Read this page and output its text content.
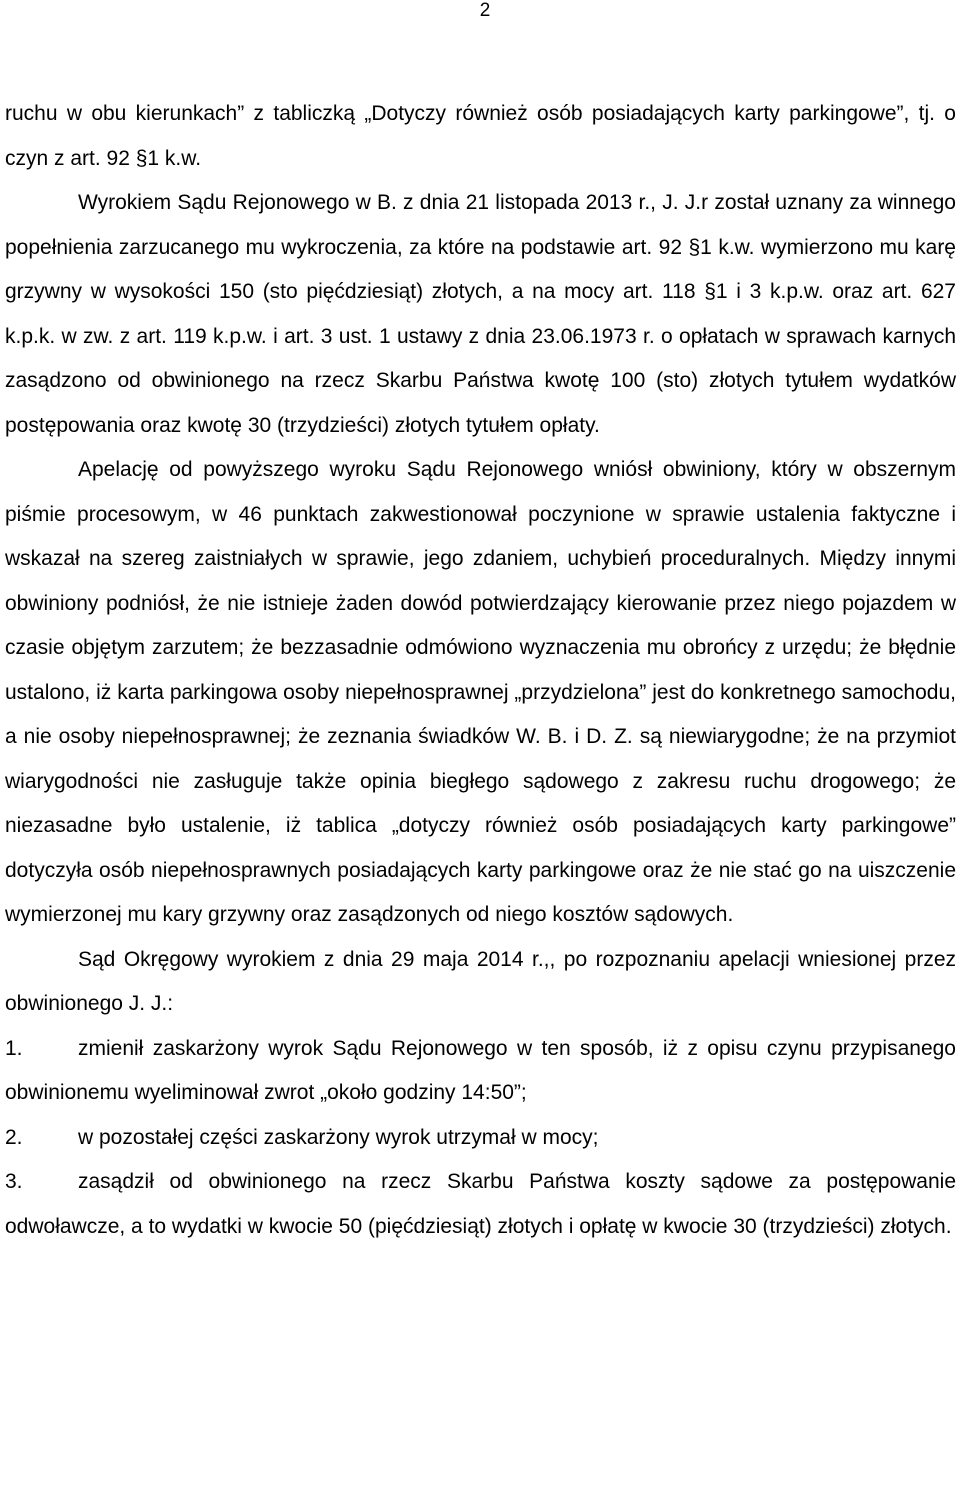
2

ruchu w obu kierunkach” z tabliczką „Dotyczy również osób posiadających karty parkingowe”, tj. o czyn z art. 92 §1 k.w.

Wyrokiem Sądu Rejonowego w B. z dnia 21 listopada 2013 r., J. J.r został uznany za winnego popełnienia zarzucanego mu wykroczenia, za które na podstawie art. 92 §1 k.w. wymierzono mu karę grzywny w wysokości 150 (sto pięćdziesiąt) złotych, a na mocy art. 118 §1 i 3 k.p.w. oraz art. 627 k.p.k. w zw. z art. 119 k.p.w. i art. 3 ust. 1 ustawy z dnia 23.06.1973 r. o opłatach w sprawach karnych zasądzono od obwinionego na rzecz Skarbu Państwa kwotę 100 (sto) złotych tytułem wydatków postępowania oraz kwotę 30 (trzydzieści) złotych tytułem opłaty.

Apelację od powyższego wyroku Sądu Rejonowego wniósł obwiniony, który w obszernym piśmie procesowym, w 46 punktach zakwestionował poczynione w sprawie ustalenia faktyczne i wskazał na szereg zaistniałych w sprawie, jego zdaniem, uchybień proceduralnych. Między innymi obwiniony podniósł, że nie istnieje żaden dowód potwierdzający kierowanie przez niego pojazdem w czasie objętym zarzutem; że bezzasadnie odmówiono wyznaczenia mu obrońcy z urzędu; że błędnie ustalono, iż karta parkingowa osoby niepełnosprawnej „przydzielona” jest do konkretnego samochodu, a nie osoby niepełnosprawnej; że zeznania świadków W. B. i D. Z. są niewiarygodne; że na przymiot wiarygodności nie zasługuje także opinia biegłego sądowego z zakresu ruchu drogowego; że niezasadne było ustalenie, iż tablica „dotyczy również osób posiadających karty parkingowe” dotyczyła osób niepełnosprawnych posiadających karty parkingowe oraz że nie stać go na uiszczenie wymierzonej mu kary grzywny oraz zasądzonych od niego kosztów sądowych.

Sąd Okręgowy wyrokiem z dnia 29 maja 2014 r.,, po rozpoznaniu apelacji wniesionej przez obwinionego J. J.:

1.	zmienił zaskarżony wyrok Sądu Rejonowego w ten sposób, iż z opisu czynu przypisanego obwinionemu wyeliminował zwrot „około godziny 14:50”;

2.	w pozostałej części zaskarżony wyrok utrzymał w mocy;

3.	zasądził od obwinionego na rzecz Skarbu Państwa koszty sądowe za postępowanie odwoławcze, a to wydatki w kwocie 50 (pięćdziesiąt) złotych i opłatę w kwocie 30 (trzydzieści) złotych.
